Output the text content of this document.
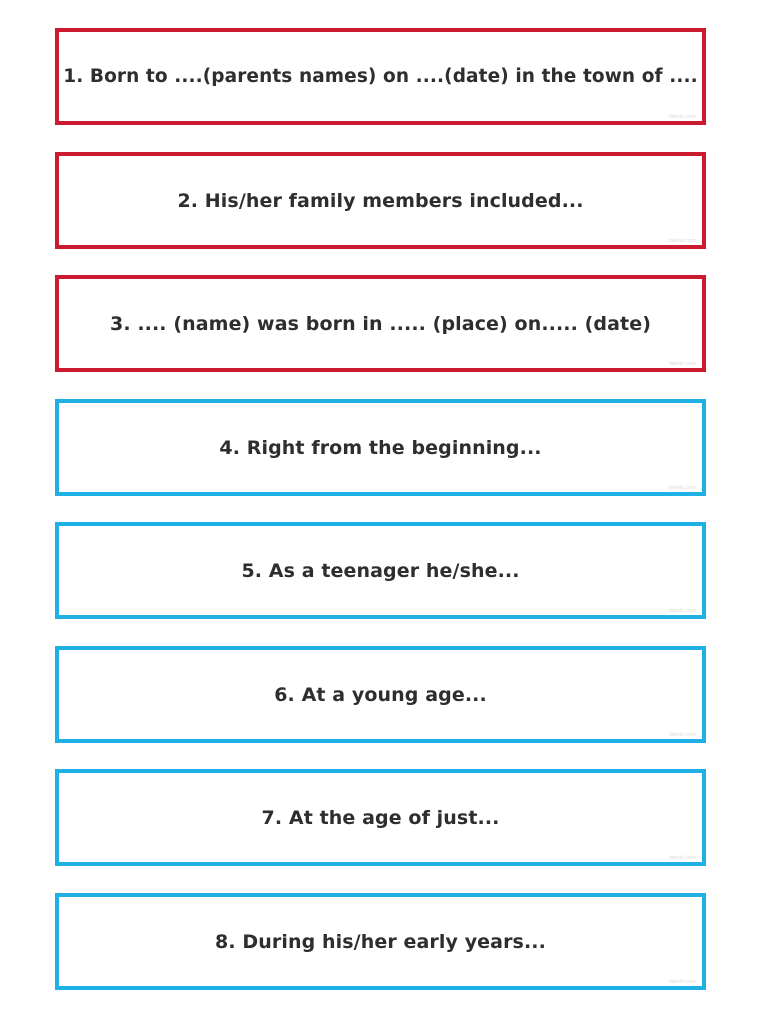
1. Born to ....(parents names) on ....(date) in the town of ....
twinkl.com
2. His/her family members included...
twinkl.com
3. .... (name) was born in ..... (place) on..... (date)
twinkl.com
4. Right from the beginning...
twinkl.com
5. As a teenager he/she...
twinkl.com
6. At a young age...
twinkl.com
7. At the age of just...
twinkl.com
8. During his/her early years...
twinkl.com
